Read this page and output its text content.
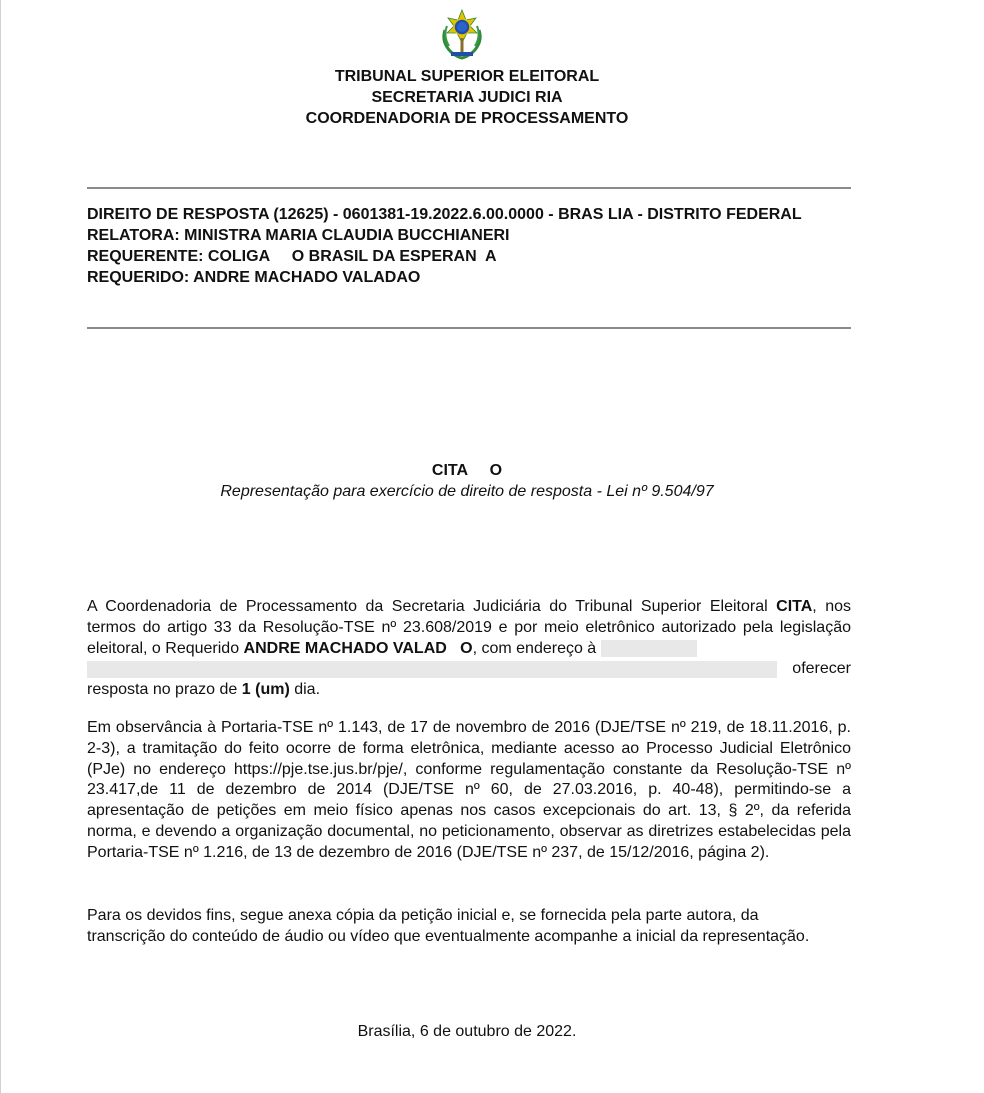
TRIBUNAL SUPERIOR ELEITORAL
SECRETARIA JUDICI RIA
COORDENADORIA DE PROCESSAMENTO
DIREITO DE RESPOSTA (12625) - 0601381-19.2022.6.00.0000 - BRAS LIA - DISTRITO FEDERAL
RELATORA: MINISTRA MARIA CLAUDIA BUCCHIANERI
REQUERENTE: COLIGA     O BRASIL DA ESPERAN  A
REQUERIDO: ANDRE MACHADO VALADAO
CITA     O
Representação para exercício de direito de resposta - Lei nº 9.504/97
A Coordenadoria de Processamento da Secretaria Judiciária do Tribunal Superior Eleitoral CITA, nos termos do artigo 33 da Resolução-TSE nº 23.608/2019 e por meio eletrônico autorizado pela legislação eleitoral, o Requerido ANDRE MACHADO VALAD   O, com endereço à
oferecer
resposta no prazo de 1 (um) dia.
Em observância à Portaria-TSE nº 1.143, de 17 de novembro de 2016 (DJE/TSE nº 219, de 18.11.2016, p. 2-3), a tramitação do feito ocorre de forma eletrônica, mediante acesso ao Processo Judicial Eletrônico (PJe) no endereço https://pje.tse.jus.br/pje/, conforme regulamentação constante da Resolução-TSE nº 23.417,de 11 de dezembro de 2014 (DJE/TSE nº 60, de 27.03.2016, p. 40-48), permitindo-se a apresentação de petições em meio físico apenas nos casos excepcionais do art. 13, § 2º, da referida norma, e devendo a organização documental, no peticionamento, observar as diretrizes estabelecidas pela Portaria-TSE nº 1.216, de 13 de dezembro de 2016 (DJE/TSE nº 237, de 15/12/2016, página 2).
Para os devidos fins, segue anexa cópia da petição inicial e, se fornecida pela parte autora, da transcrição do conteúdo de áudio ou vídeo que eventualmente acompanhe a inicial da representação.
Brasília, 6 de outubro de 2022.
